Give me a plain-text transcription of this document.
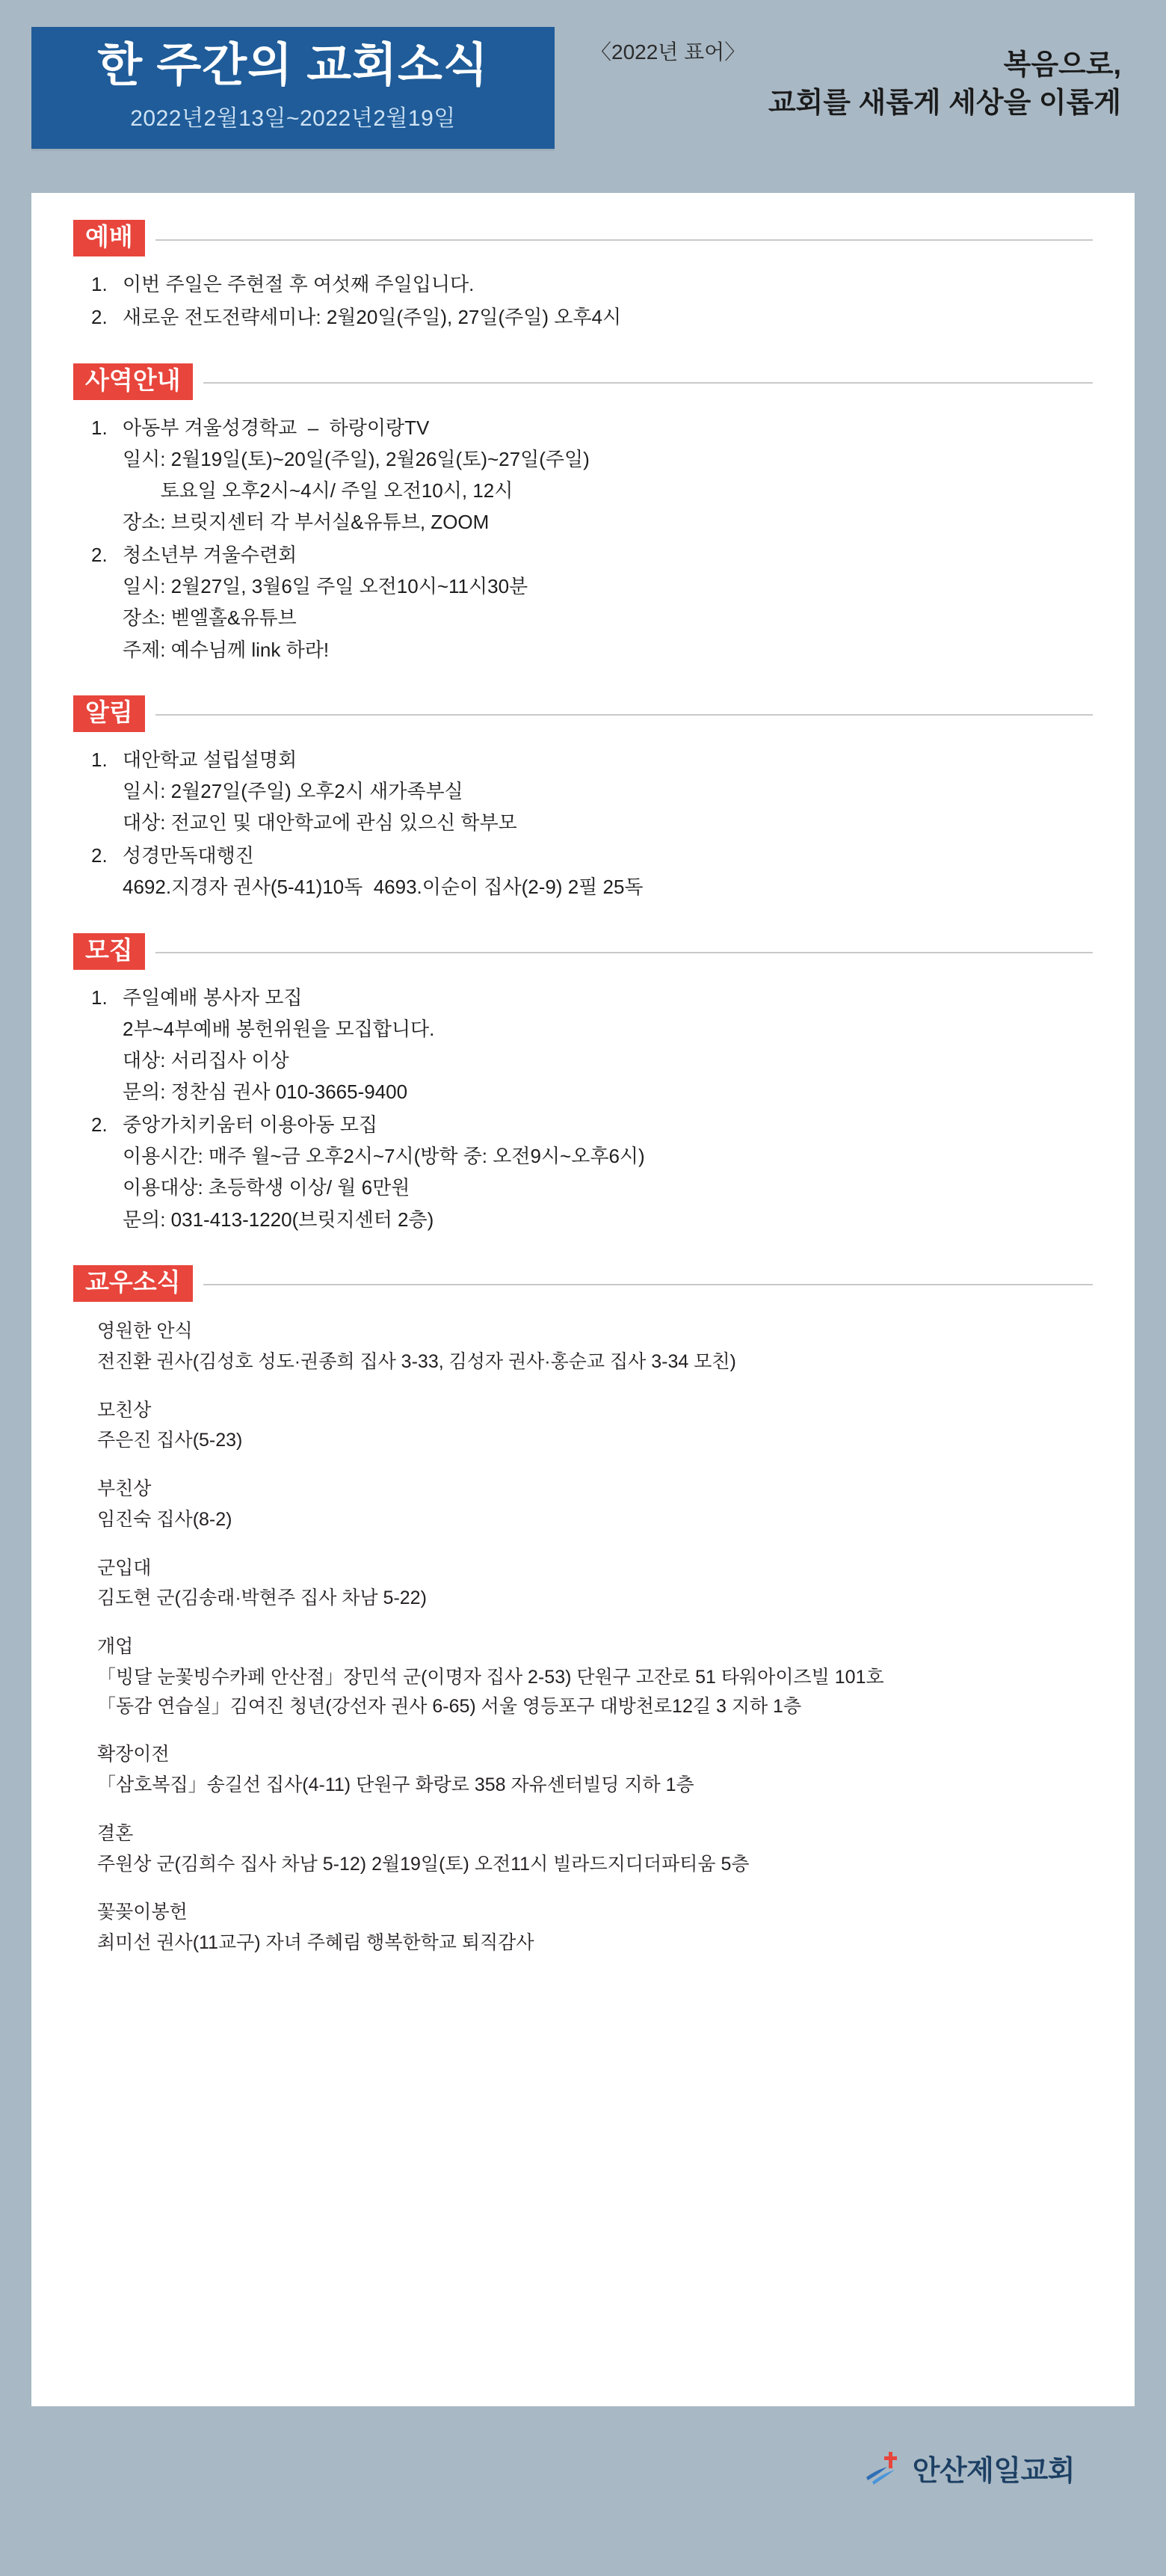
한 주간의 교회소식
2022년2월13일~2022년2월19일
〈2022년 표어〉	복음으로,
교회를 새롭게 세상을 이롭게
예배
1. 이번 주일은 주현절 후 여섯째 주일입니다.
2. 새로운 전도전략세미나: 2월20일(주일), 27일(주일) 오후4시
사역안내
1. 아동부 겨울성경학교  –  하랑이랑TV
일시: 2월19일(토)~20일(주일), 2월26일(토)~27일(주일)
토요일 오후2시~4시/ 주일 오전10시, 12시
장소: 브릿지센터 각 부서실&유튜브, ZOOM
2. 청소년부 겨울수련회
일시: 2월27일, 3월6일 주일 오전10시~11시30분
장소: 벧엘홀&유튜브
주제: 예수님께 link 하라!
알림
1. 대안학교 설립설명회
일시: 2월27일(주일) 오후2시 새가족부실
대상: 전교인 및 대안학교에 관심 있으신 학부모
2. 성경만독대행진
4692.지경자 권사(5-41)10독  4693.이순이 집사(2-9) 2필 25독
모집
1. 주일예배 봉사자 모집
2부~4부예배 봉헌위원을 모집합니다.
대상: 서리집사 이상
문의: 정찬심 권사 010-3665-9400
2. 중앙가치키움터 이용아동 모집
이용시간: 매주 월~금 오후2시~7시(방학 중: 오전9시~오후6시)
이용대상: 초등학생 이상/ 월 6만원
문의: 031-413-1220(브릿지센터 2층)
교우소식
영원한 안식
전진환 권사(김성호 성도·권종희 집사 3-33, 김성자 권사·홍순교 집사 3-34 모친)
모친상
주은진 집사(5-23)
부친상
임진숙 집사(8-2)
군입대
김도현 군(김송래·박현주 집사 차남 5-22)
개업
「빙달 눈꽃빙수카페 안산점」장민석 군(이명자 집사 2-53) 단원구 고잔로 51 타워아이즈빌 101호
「동감 연습실」김여진 청년(강선자 권사 6-65) 서울 영등포구 대방천로12길 3 지하 1층
확장이전
「삼호복집」송길선 집사(4-11) 단원구 화랑로 358 자유센터빌딩 지하 1층
결혼
주원상 군(김희수 집사 차남 5-12) 2월19일(토) 오전11시 빌라드지디더파티움 5층
꽃꽂이봉헌
최미선 권사(11교구) 자녀 주혜림 행복한학교 퇴직감사
안산제일교회
